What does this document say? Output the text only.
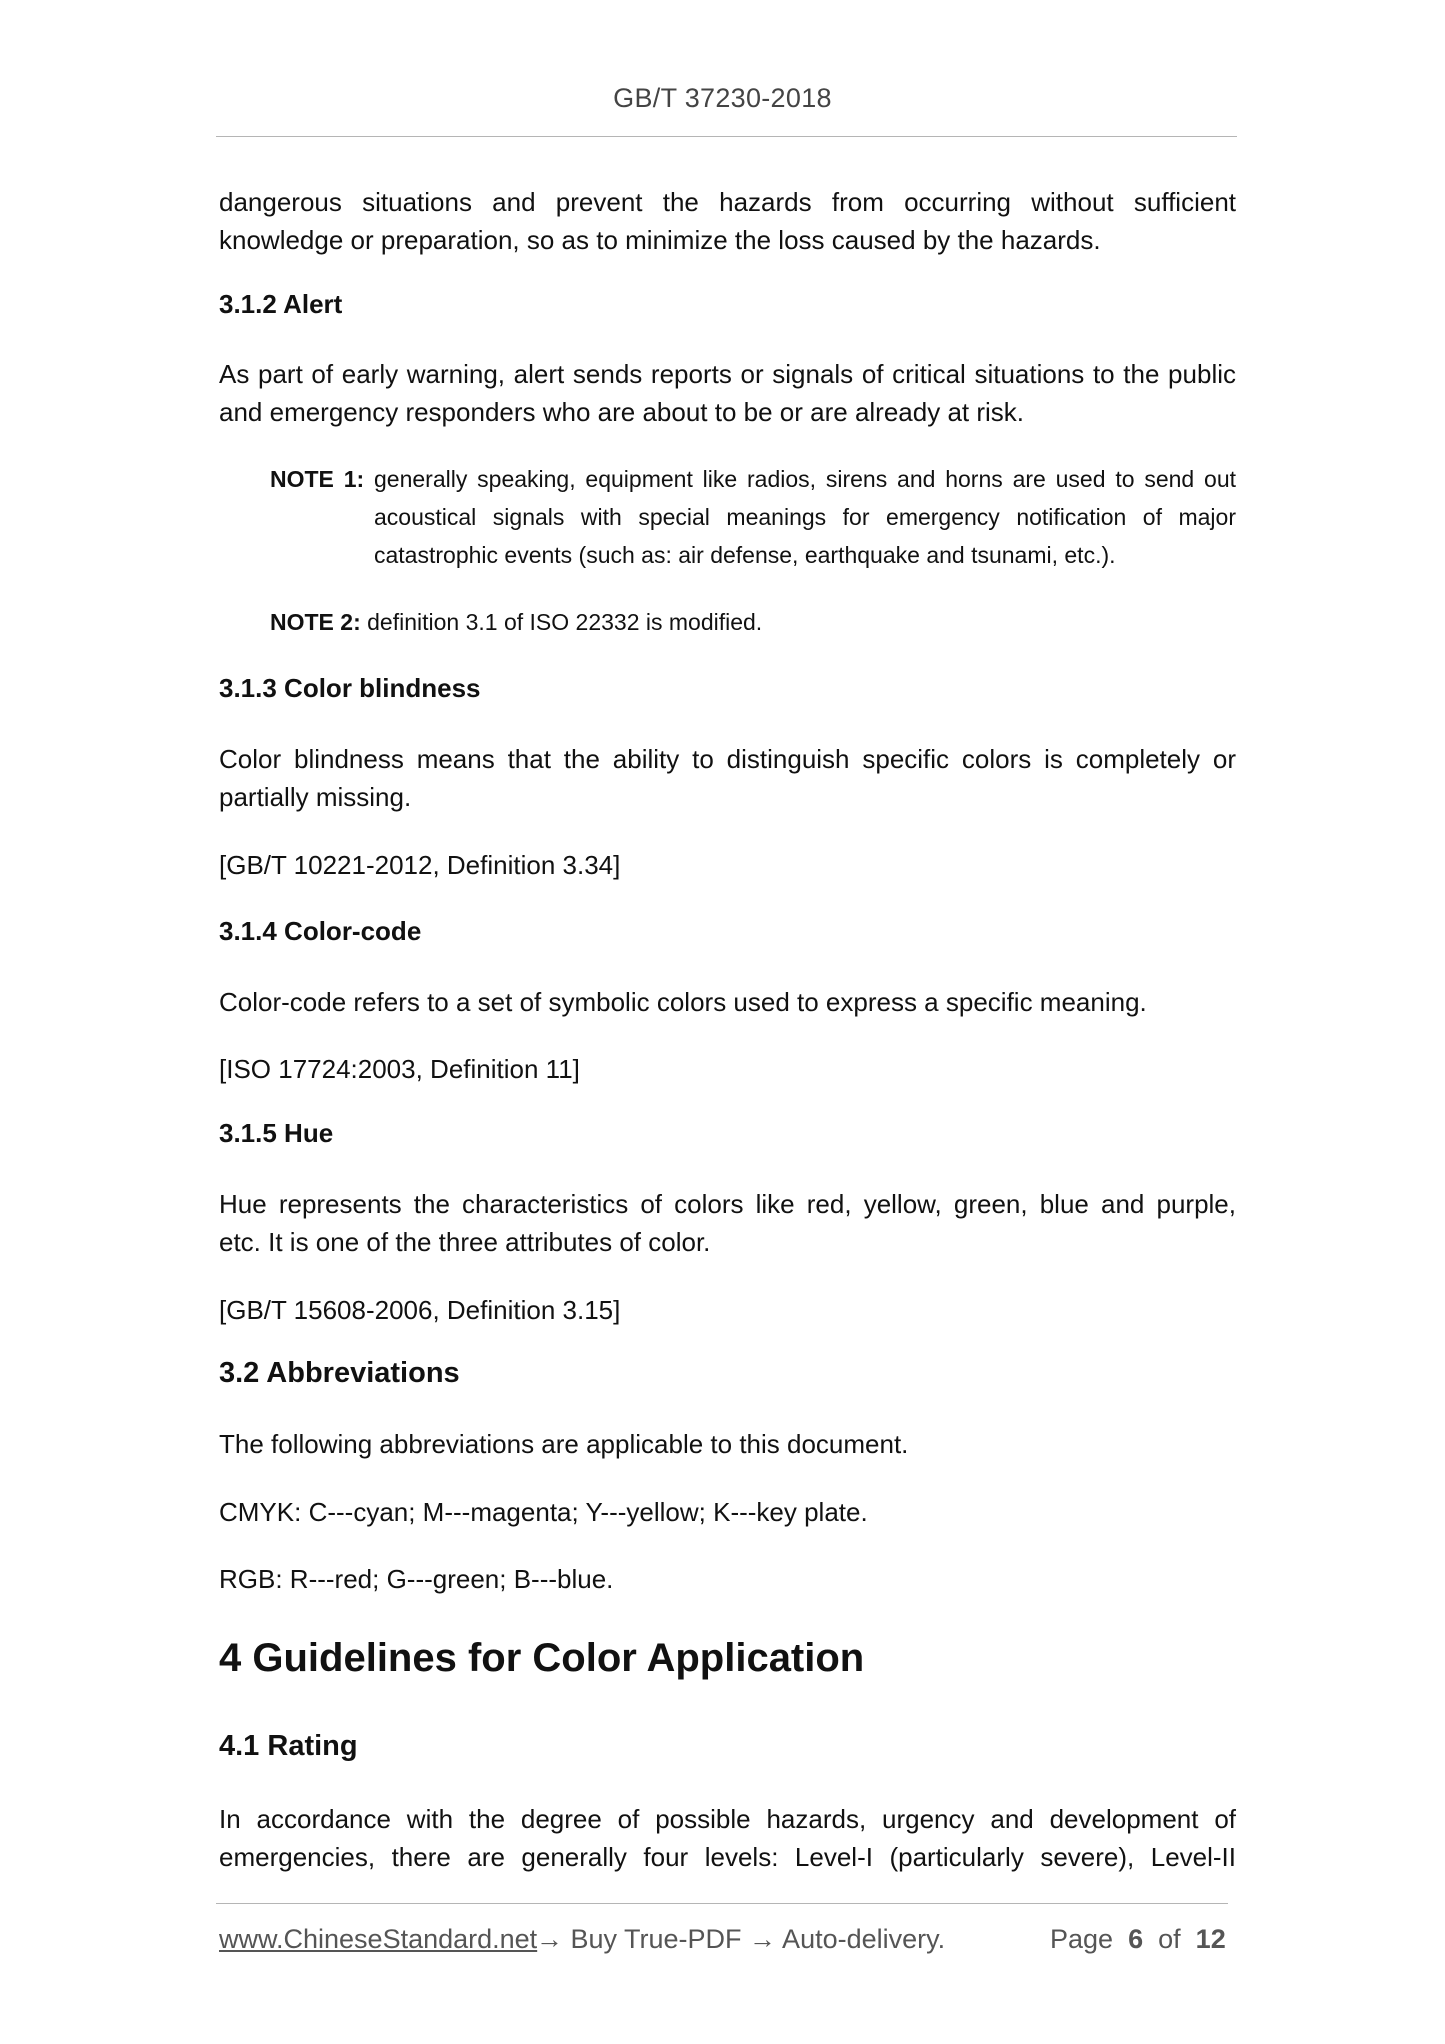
GB/T 37230-2018
dangerous situations and prevent the hazards from occurring without sufficient
knowledge or preparation, so as to minimize the loss caused by the hazards.
3.1.2 Alert
As part of early warning, alert sends reports or signals of critical situations to the public
and emergency responders who are about to be or are already at risk.
NOTE 1: generally speaking, equipment like radios, sirens and horns are used to send out
acoustical signals with special meanings for emergency notification of major
catastrophic events (such as: air defense, earthquake and tsunami, etc.).
NOTE 2: definition 3.1 of ISO 22332 is modified.
3.1.3 Color blindness
Color blindness means that the ability to distinguish specific colors is completely or
partially missing.
[GB/T 10221-2012, Definition 3.34]
3.1.4 Color-code
Color-code refers to a set of symbolic colors used to express a specific meaning.
[ISO 17724:2003, Definition 11]
3.1.5 Hue
Hue represents the characteristics of colors like red, yellow, green, blue and purple,
etc. It is one of the three attributes of color.
[GB/T 15608-2006, Definition 3.15]
3.2 Abbreviations
The following abbreviations are applicable to this document.
CMYK: C---cyan; M---magenta; Y---yellow; K---key plate.
RGB: R---red; G---green; B---blue.
4 Guidelines for Color Application
4.1 Rating
In accordance with the degree of possible hazards, urgency and development of
emergencies, there are generally four levels: Level-I (particularly severe), Level-II
www.ChineseStandard.net
→ Buy True-PDF → Auto-delivery.	Page 6 of 12
